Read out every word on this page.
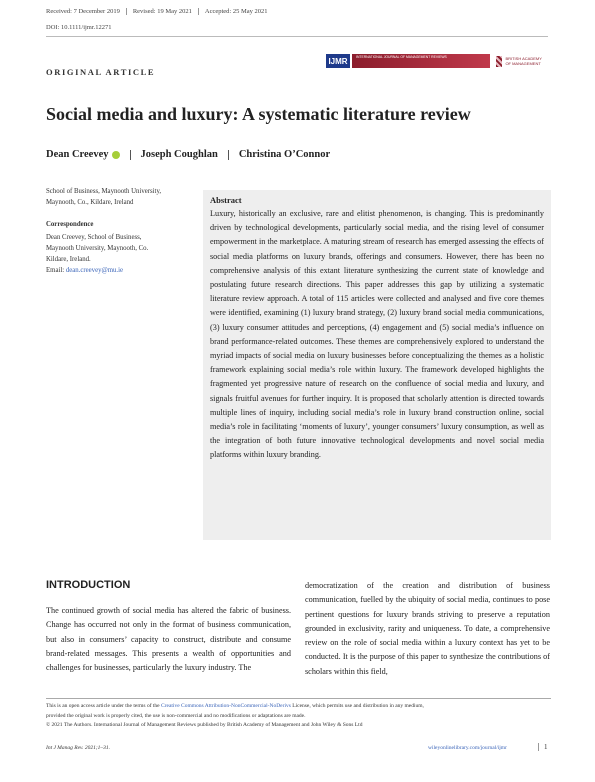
Received: 7 December 2019 Revised: 19 May 2021 Accepted: 25 May 2021
DOI: 10.1111/ijmr.12271
IJMR	INTERNATIONAL JOURNAL OF MANAGEMENT REVIEWS	BRITISH ACADEMY OF MANAGEMENT
ORIGINAL ARTICLE
Social media and luxury: A systematic literature review
Dean Creevey	Joseph Coughlan Christina O’Connor
School of Business, Maynooth University, Maynooth, Co., Kildare, Ireland
Correspondence
Dean Creevey, School of Business,
Maynooth University, Maynooth, Co.
Kildare, Ireland.
Email: dean.creevey@mu.ie
Abstract
Luxury, historically an exclusive, rare and elitist phenomenon, is changing. This is predominantly driven by technological developments, particularly social media, and the rising level of consumer empowerment in the marketplace. A maturing stream of research has emerged assessing the effects of social media platforms on luxury brands, offerings and consumers. However, there has been no comprehensive analysis of this extant literature synthesizing the current state of knowledge and postulating future research directions. This paper addresses this gap by utilizing a systematic literature review approach. A total of 115 articles were collected and analysed and five core themes were identified, examining (1) luxury brand strategy, (2) luxury brand social media communications, (3) luxury consumer attitudes and perceptions, (4) engagement and (5) social media’s influence on brand performance-related outcomes. These themes are comprehensively explored to understand the myriad impacts of social media on luxury businesses before conceptualizing the themes as a holistic framework explaining social media’s role within luxury. The framework developed highlights the fragmented yet progressive nature of research on the confluence of social media and luxury, and signals fruitful avenues for further inquiry. It is proposed that scholarly attention is directed towards multiple lines of inquiry, including social media’s role in luxury brand construction online, social media’s role in facilitating ‘moments of luxury’, younger consumers’ luxury consumption, as well as the integration of both future innovative technological developments and novel social media platforms within luxury branding.
INTRODUCTION
The continued growth of social media has altered the fabric of business. Change has occurred not only in the format of business communication, but also in consumers’ capacity to construct, distribute and consume brand-related messages. This presents a wealth of opportunities and challenges for businesses, particularly the luxury industry. The
democratization of the creation and distribution of business communication, fuelled by the ubiquity of social media, continues to pose pertinent questions for luxury brands striving to preserve a reputation grounded in exclusivity, rarity and uniqueness. To date, a comprehensive review on the role of social media within a luxury context has yet to be conducted. It is the purpose of this paper to synthesize the contributions of scholars within this field,
This is an open access article under the terms of the Creative Commons Attribution-NonCommercial-NoDerivs License, which permits use and distribution in any medium,
provided the original work is properly cited, the use is non-commercial and no modifications or adaptations are made.
© 2021 The Authors. International Journal of Management Reviews published by British Academy of Management and John Wiley & Sons Ltd
Int J Manag Rev. 2021;1–31.	wileyonlinelibrary.com/journal/ijmr	1
